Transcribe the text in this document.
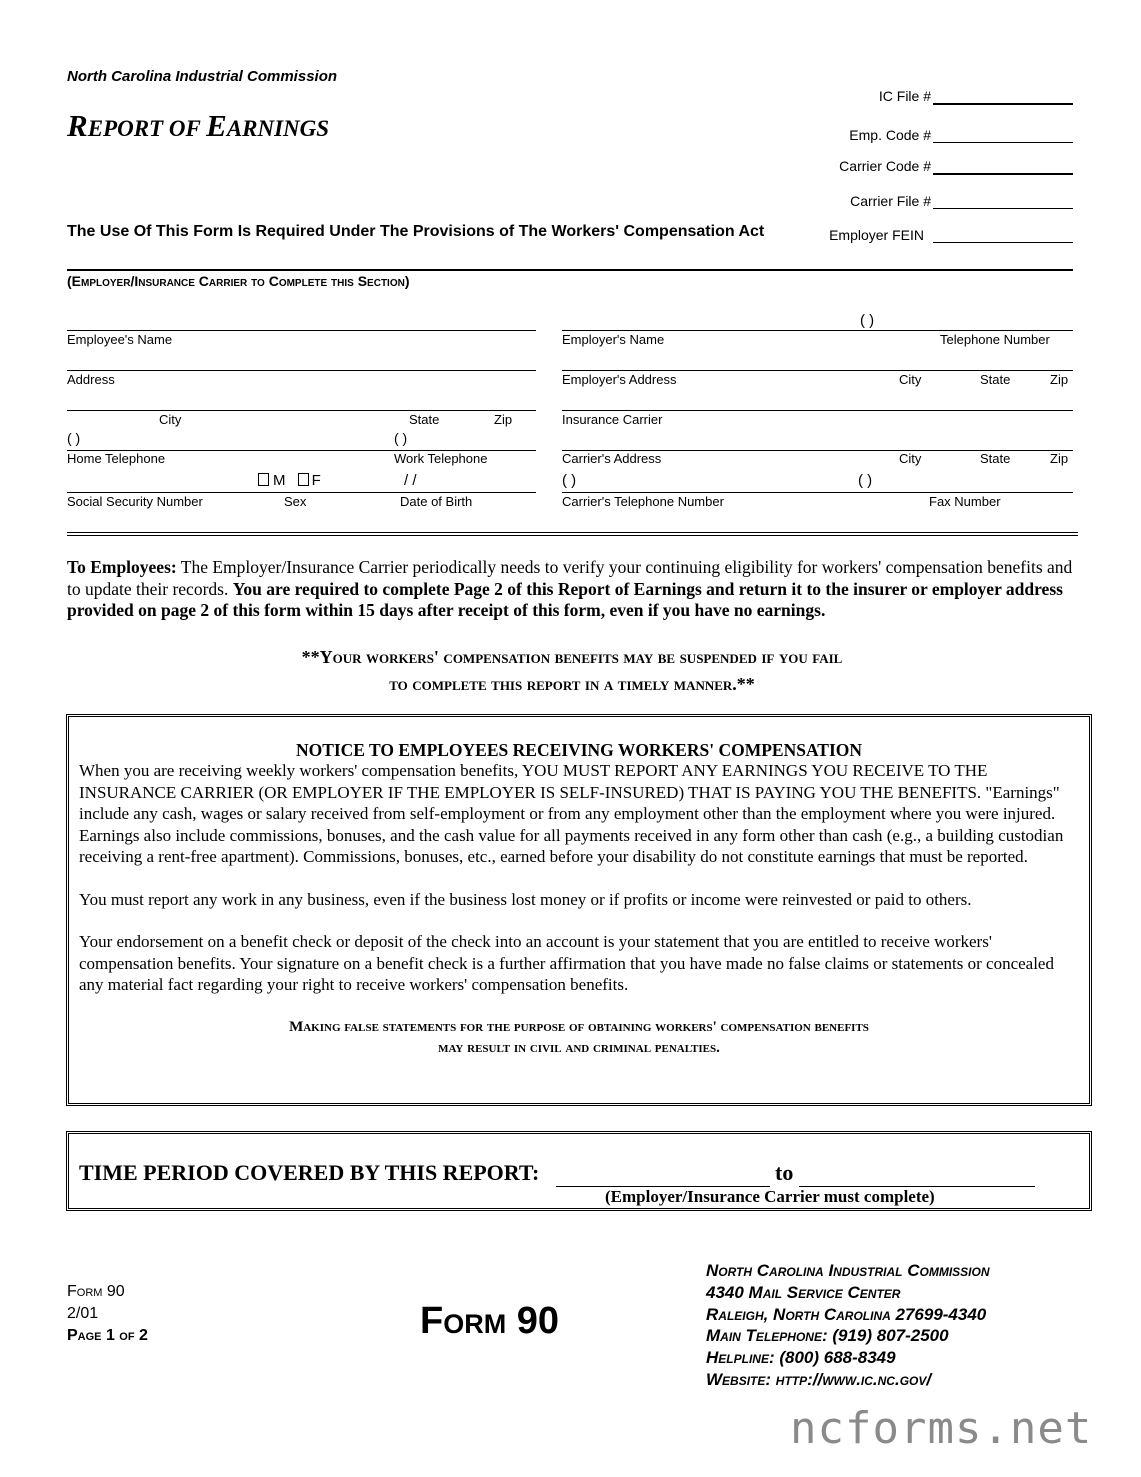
North Carolina Industrial Commission
REPORT OF EARNINGS
The Use Of This Form Is Required Under The Provisions of The Workers' Compensation Act
IC File #
Emp. Code #
Carrier Code #
Carrier File #
Employer FEIN
(Employer/Insurance Carrier to Complete this Section)
Employee's Name
Address
City	State	Zip
( )	( )
Home Telephone	Work Telephone
M F	/ /
Social Security Number	Sex	Date of Birth
( )
Employer's Name	Telephone Number
Employer's Address	City	State	Zip
Insurance Carrier
Carrier's Address	City	State	Zip
( )	( )
Carrier's Telephone Number	Fax Number

To Employees: The Employer/Insurance Carrier periodically needs to verify your continuing eligibility for workers' compensation benefits and to update their records. You are required to complete Page 2 of this Report of Earnings and return it to the insurer or employer address provided on page 2 of this form within 15 days after receipt of this form, even if you have no earnings.

**Your workers' compensation benefits may be suspended if you fail
to complete this report in a timely manner.**
NOTICE TO EMPLOYEES RECEIVING WORKERS' COMPENSATION

When you are receiving weekly workers' compensation benefits, YOU MUST REPORT ANY EARNINGS YOU RECEIVE TO THE INSURANCE CARRIER (OR EMPLOYER IF THE EMPLOYER IS SELF-INSURED) THAT IS PAYING YOU THE BENEFITS. "Earnings" include any cash, wages or salary received from self-employment or from any employment other than the employment where you were injured. Earnings also include commissions, bonuses, and the cash value for all payments received in any form other than cash (e.g., a building custodian receiving a rent-free apartment). Commissions, bonuses, etc., earned before your disability do not constitute earnings that must be reported.

You must report any work in any business, even if the business lost money or if profits or income were reinvested or paid to others.

Your endorsement on a benefit check or deposit of the check into an account is your statement that you are entitled to receive workers' compensation benefits. Your signature on a benefit check is a further affirmation that you have made no false claims or statements or concealed any material fact regarding your right to receive workers' compensation benefits.

Making false statements for the purpose of obtaining workers' compensation benefits
may result in civil and criminal penalties.
TIME PERIOD COVERED BY THIS REPORT:	to
(Employer/Insurance Carrier must complete)
Form 90
2/01
Page 1 of 2	Form 90
North Carolina Industrial Commission
4340 Mail Service Center
Raleigh, North Carolina 27699-4340
Main Telephone: (919) 807-2500
Helpline: (800) 688-8349
Website: http://www.ic.nc.gov/
ncforms.net
